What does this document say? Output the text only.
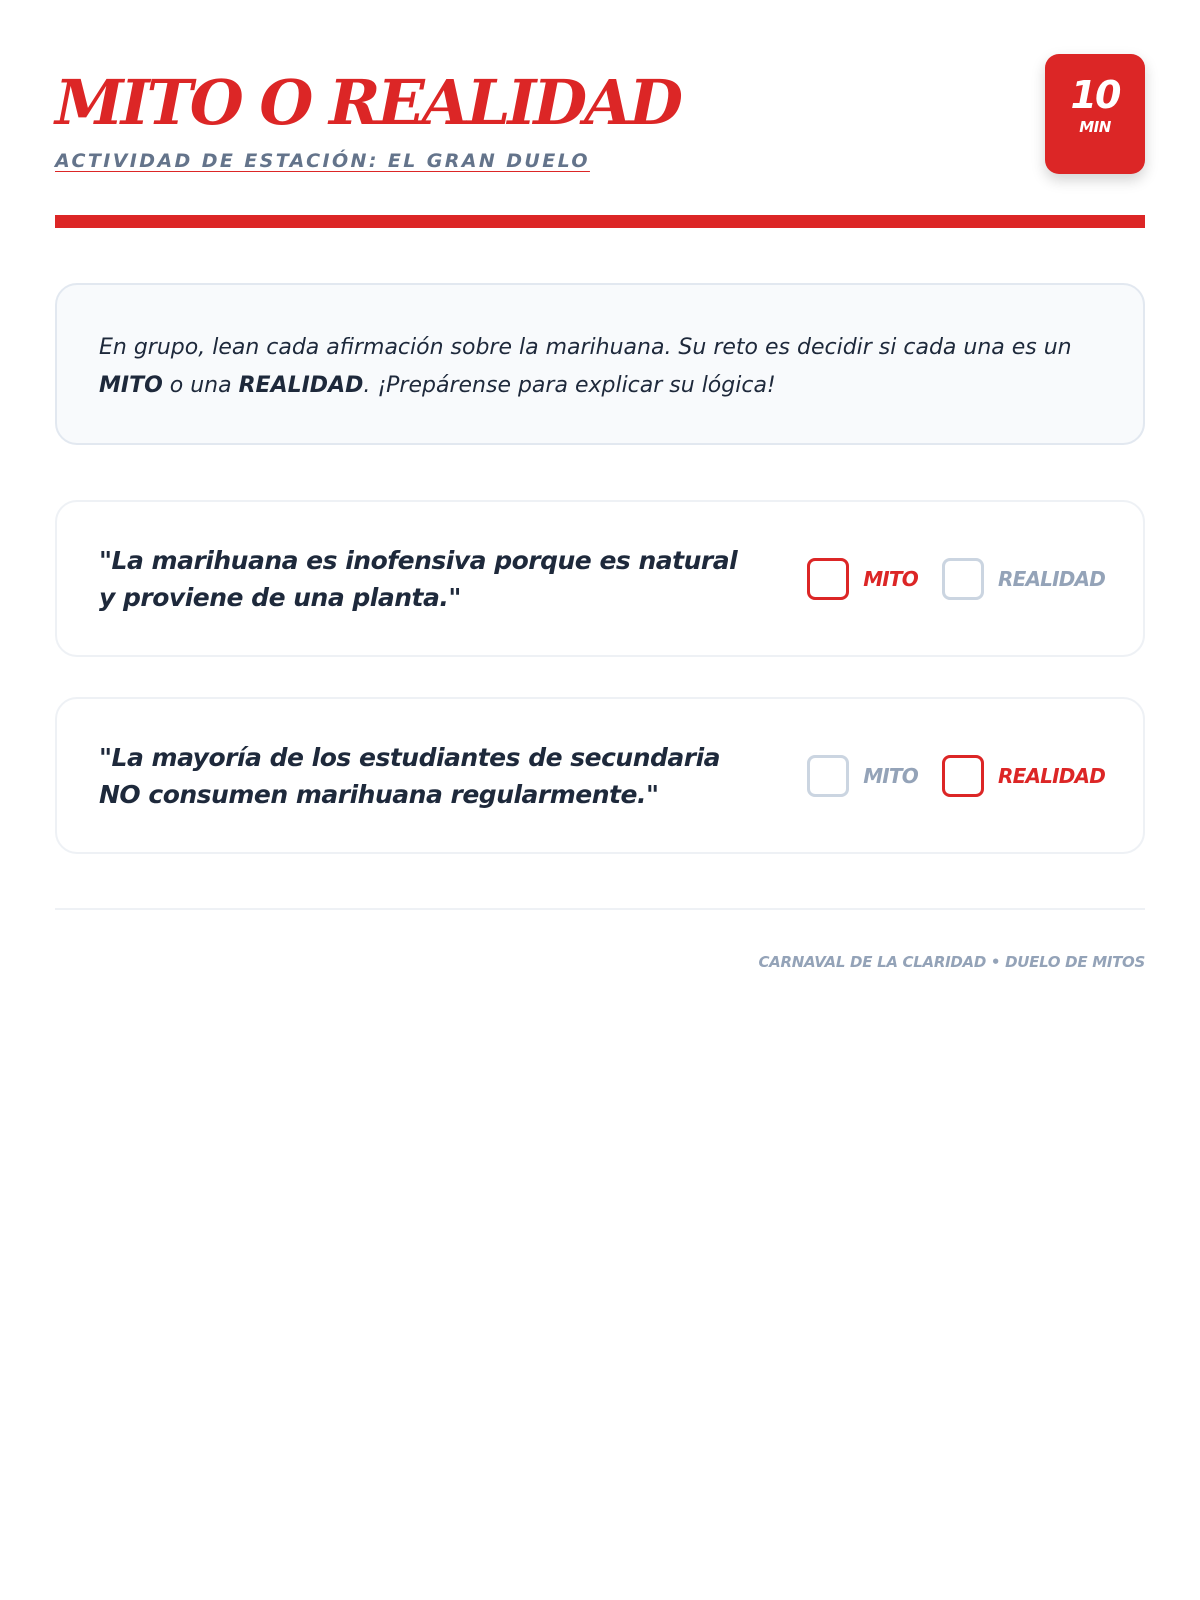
MITO O REALIDAD
ACTIVIDAD DE ESTACIÓN: EL GRAN DUELO
10
MIN
En grupo, lean cada afirmación sobre la marihuana. Su reto es decidir si cada una es un MITO o una REALIDAD. ¡Prepárense para explicar su lógica!
"La marihuana es inofensiva porque es natural y proviene de una planta."
MITO	REALIDAD
"La mayoría de los estudiantes de secundaria NO consumen marihuana regularmente."
MITO	REALIDAD
CARNAVAL DE LA CLARIDAD • DUELO DE MITOS
